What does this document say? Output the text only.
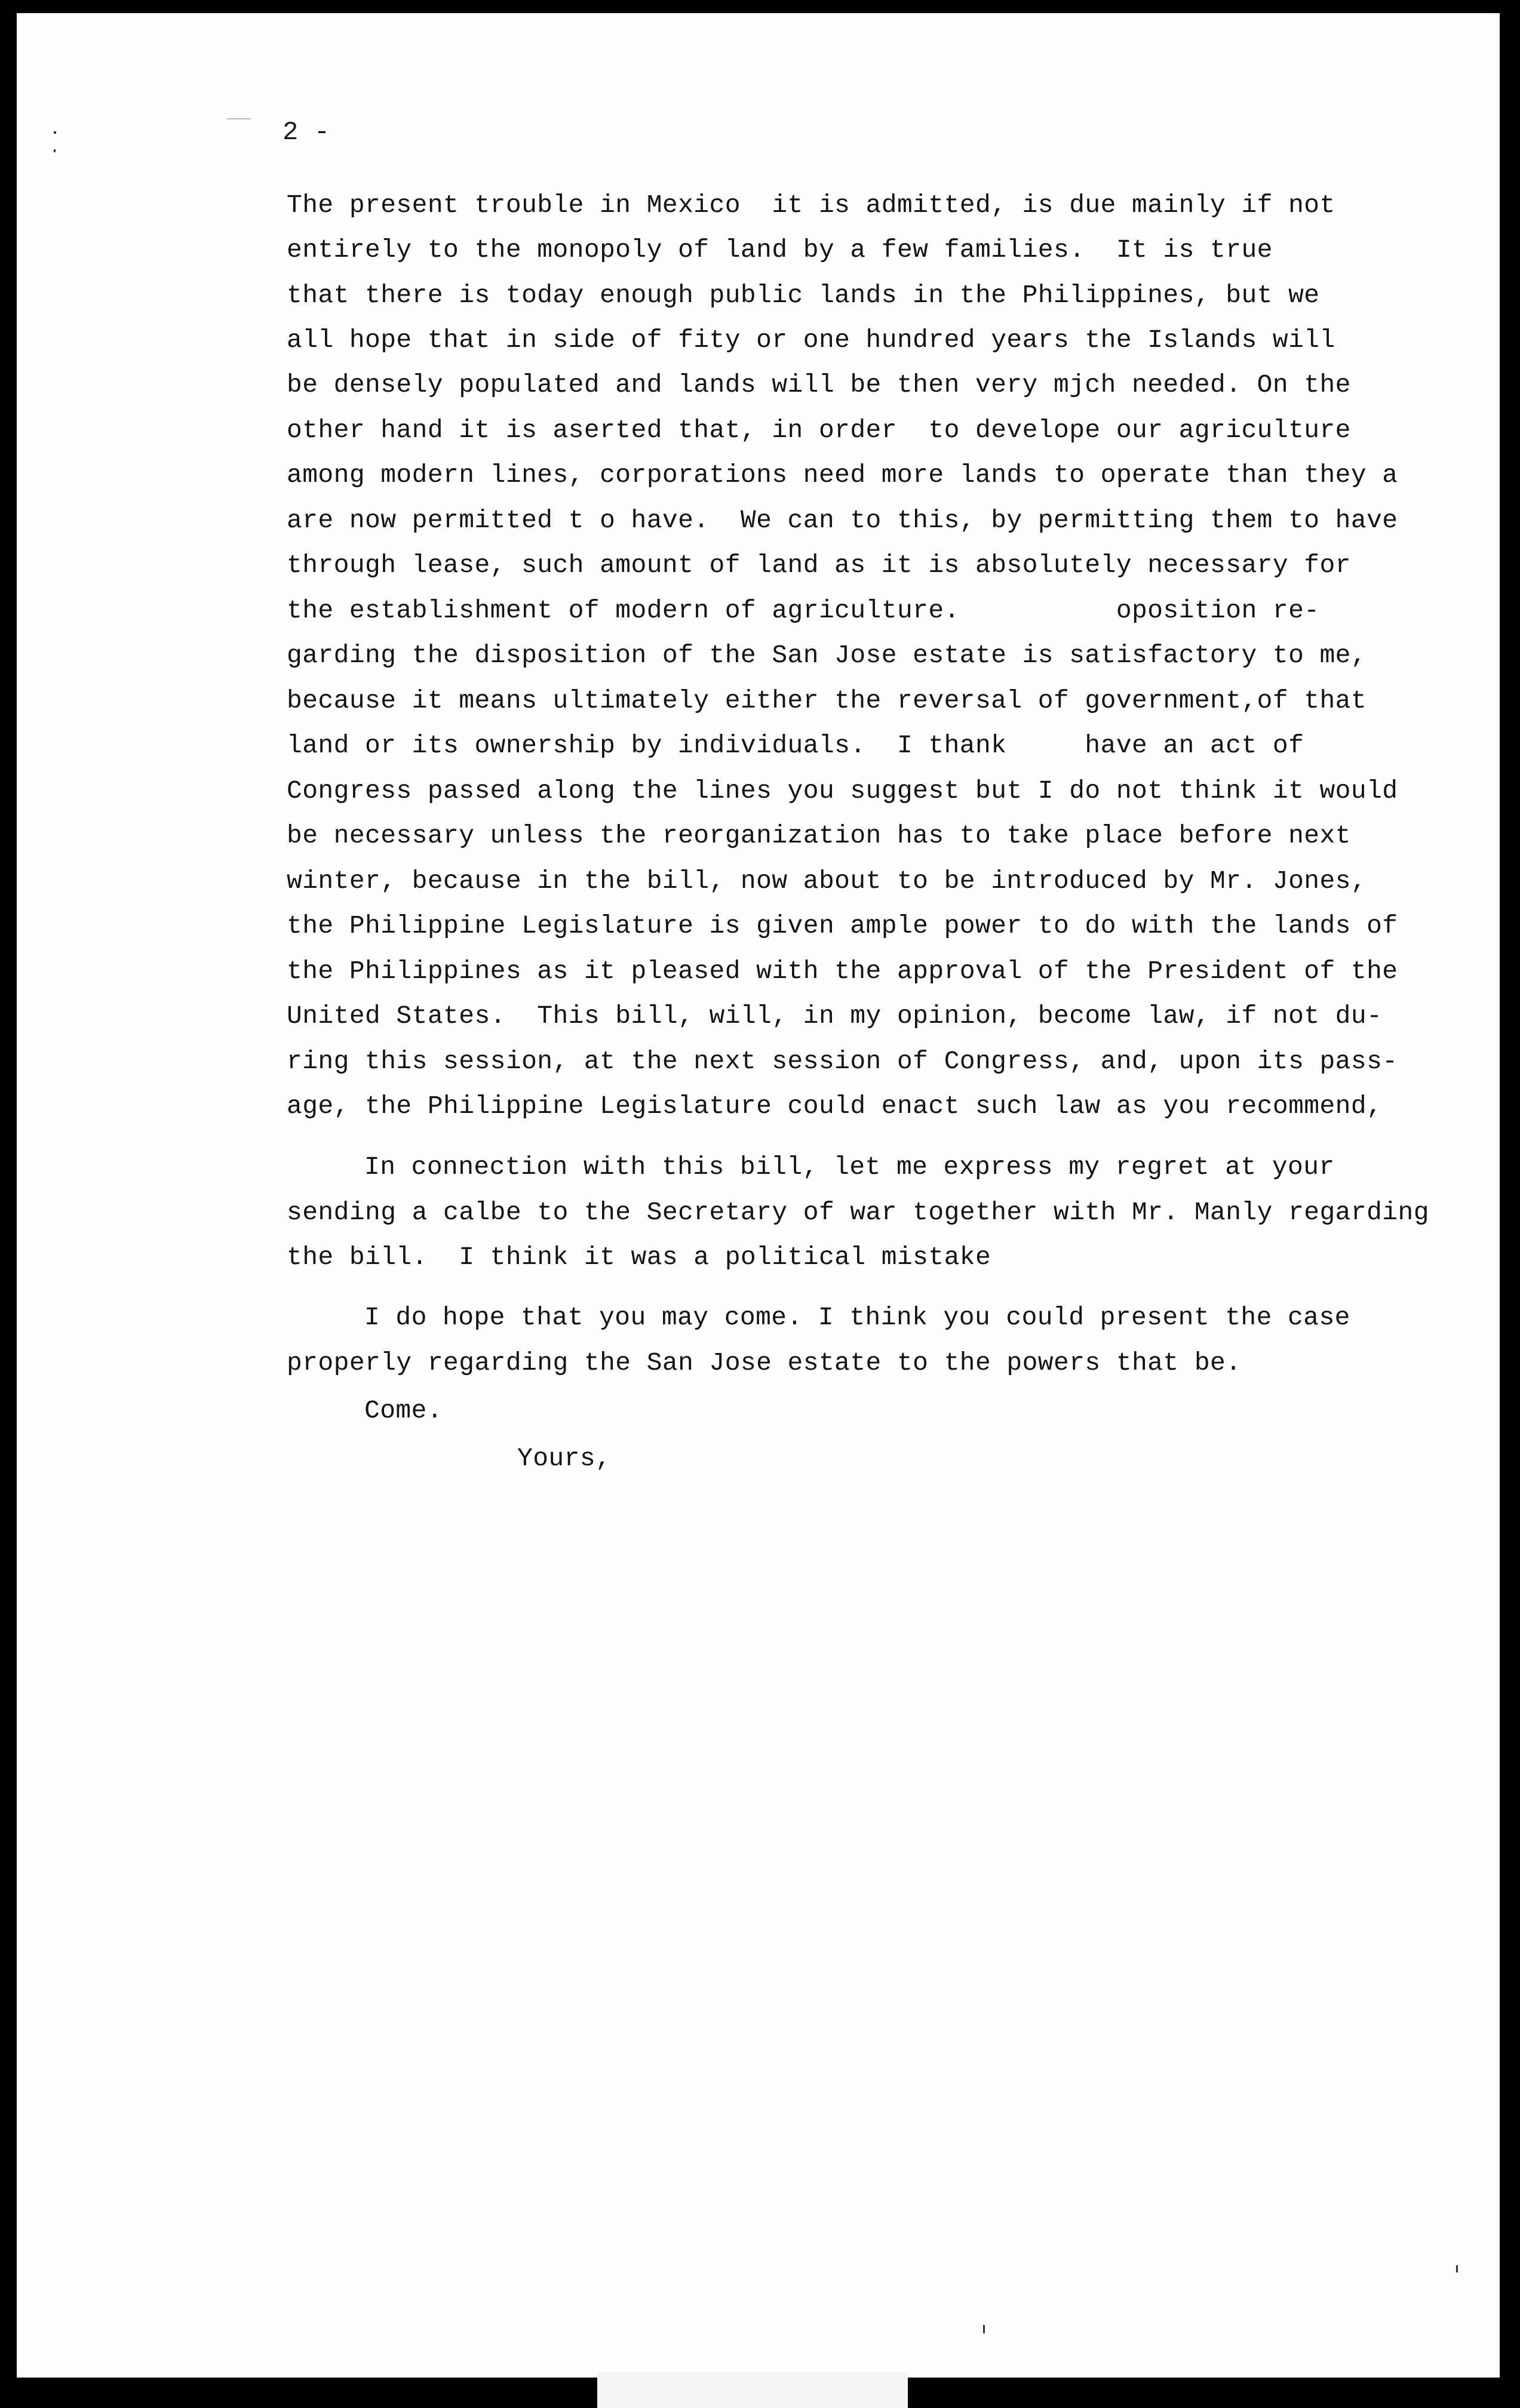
2 -
The present trouble in Mexico  it is admitted, is due mainly if not
entirely to the monopoly of land by a few families.  It is true
that there is today enough public lands in the Philippines, but we
all hope that in side of fity or one hundred years the Islands will
be densely populated and lands will be then very mjch needed. On the
other hand it is aserted that, in order  to develope our agriculture
among modern lines, corporations need more lands to operate than they a
are now permitted t o have.  We can to this, by permitting them to have
through lease, such amount of land as it is absolutely necessary for
the establishment of modern of agriculture.          oposition re-
garding the disposition of the San Jose estate is satisfactory to me,
because it means ultimately either the reversal of government,of that
land or its ownership by individuals.  I thank     have an act of
Congress passed along the lines you suggest but I do not think it would
be necessary unless the reorganization has to take place before next
winter, because in the bill, now about to be introduced by Mr. Jones,
the Philippine Legislature is given ample power to do with the lands of
the Philippines as it pleased with the approval of the President of the
United States.  This bill, will, in my opinion, become law, if not du-
ring this session, at the next session of Congress, and, upon its pass-
age, the Philippine Legislature could enact such law as you recommend,
In connection with this bill, let me express my regret at your
sending a calbe to the Secretary of war together with Mr. Manly regarding
the bill.  I think it was a political mistake
I do hope that you may come. I think you could present the case
properly regarding the San Jose estate to the powers that be.
Come.
Yours,
